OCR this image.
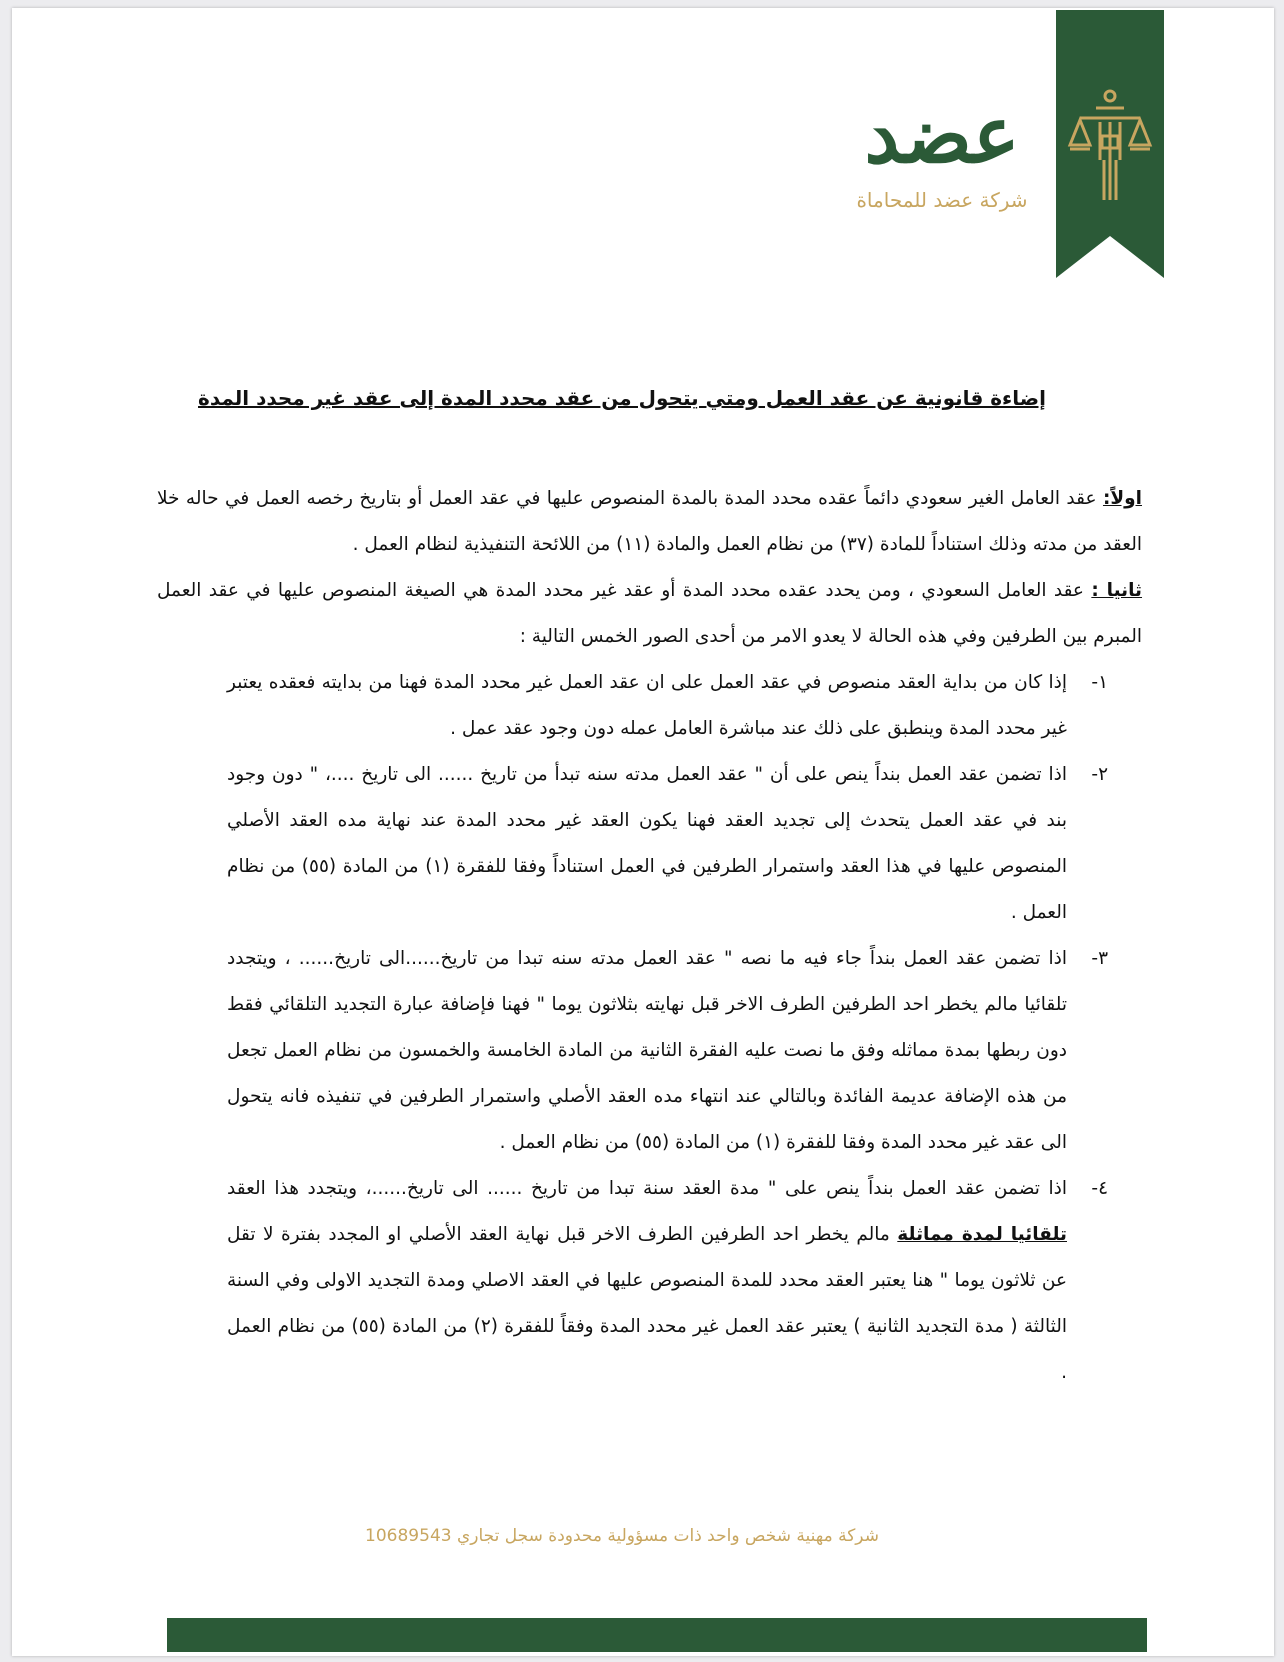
عضد
شركة عضد للمحاماة
إضاءة قانونية عن عقد العمل ومتي يتحول من عقد محدد المدة إلى عقد غير محدد المدة

اولاً: عقد العامل الغير سعودي دائماً عقده محدد المدة بالمدة المنصوص عليها في عقد العمل أو بتاريخ رخصه العمل في حاله خلا العقد من مدته وذلك استناداً للمادة (٣٧) من نظام العمل والمادة (١١) من اللائحة التنفيذية لنظام العمل .

ثانيا : عقد العامل السعودي ، ومن يحدد عقده محدد المدة أو عقد غير محدد المدة هي الصيغة المنصوص عليها في عقد العمل المبرم بين الطرفين وفي هذه الحالة لا يعدو الامر من أحدى الصور الخمس التالية :

١-
إذا كان من بداية العقد منصوص في عقد العمل على ان عقد العمل غير محدد المدة فهنا من بدايته فعقده يعتبر غير محدد المدة وينطبق على ذلك عند مباشرة العامل عمله دون وجود عقد عمل .
٢-
اذا تضمن عقد العمل بنداً ينص على أن " عقد العمل مدته سنه تبدأ من تاريخ ...... الى تاريخ ....، " دون وجود بند في عقد العمل يتحدث إلى تجديد العقد فهنا يكون العقد غير محدد المدة عند نهاية مده العقد الأصلي المنصوص عليها في هذا العقد واستمرار الطرفين في العمل استناداً وفقا للفقرة (١) من المادة (٥٥) من نظام العمل .
٣-
اذا تضمن عقد العمل بنداً جاء فيه ما نصه " عقد العمل مدته سنه تبدا من تاريخ......الى تاريخ...... ، ويتجدد تلقائيا مالم يخطر احد الطرفين الطرف الاخر قبل نهايته بثلاثون يوما " فهنا فإضافة عبارة التجديد التلقائي فقط دون ربطها بمدة مماثله وفق ما نصت عليه الفقرة الثانية من المادة الخامسة والخمسون من نظام العمل تجعل من هذه الإضافة عديمة الفائدة وبالتالي عند انتهاء مده العقد الأصلي واستمرار الطرفين في تنفيذه فانه يتحول الى عقد غير محدد المدة وفقا للفقرة (١) من المادة (٥٥) من نظام العمل .
٤-
اذا تضمن عقد العمل بنداً ينص على " مدة العقد سنة تبدا من تاريخ ...... الى تاريخ......، ويتجدد هذا العقد تلقائيا لمدة مماثلة مالم يخطر احد الطرفين الطرف الاخر قبل نهاية العقد الأصلي او المجدد بفترة لا تقل عن ثلاثون يوما " هنا يعتبر العقد محدد للمدة المنصوص عليها في العقد الاصلي ومدة التجديد الاولى وفي السنة الثالثة ( مدة التجديد الثانية ) يعتبر عقد العمل غير محدد المدة وفقاً للفقرة (٢) من المادة (٥٥) من نظام العمل .

شركة مهنية شخص واحد ذات مسؤولية محدودة سجل تجاري 10689543
